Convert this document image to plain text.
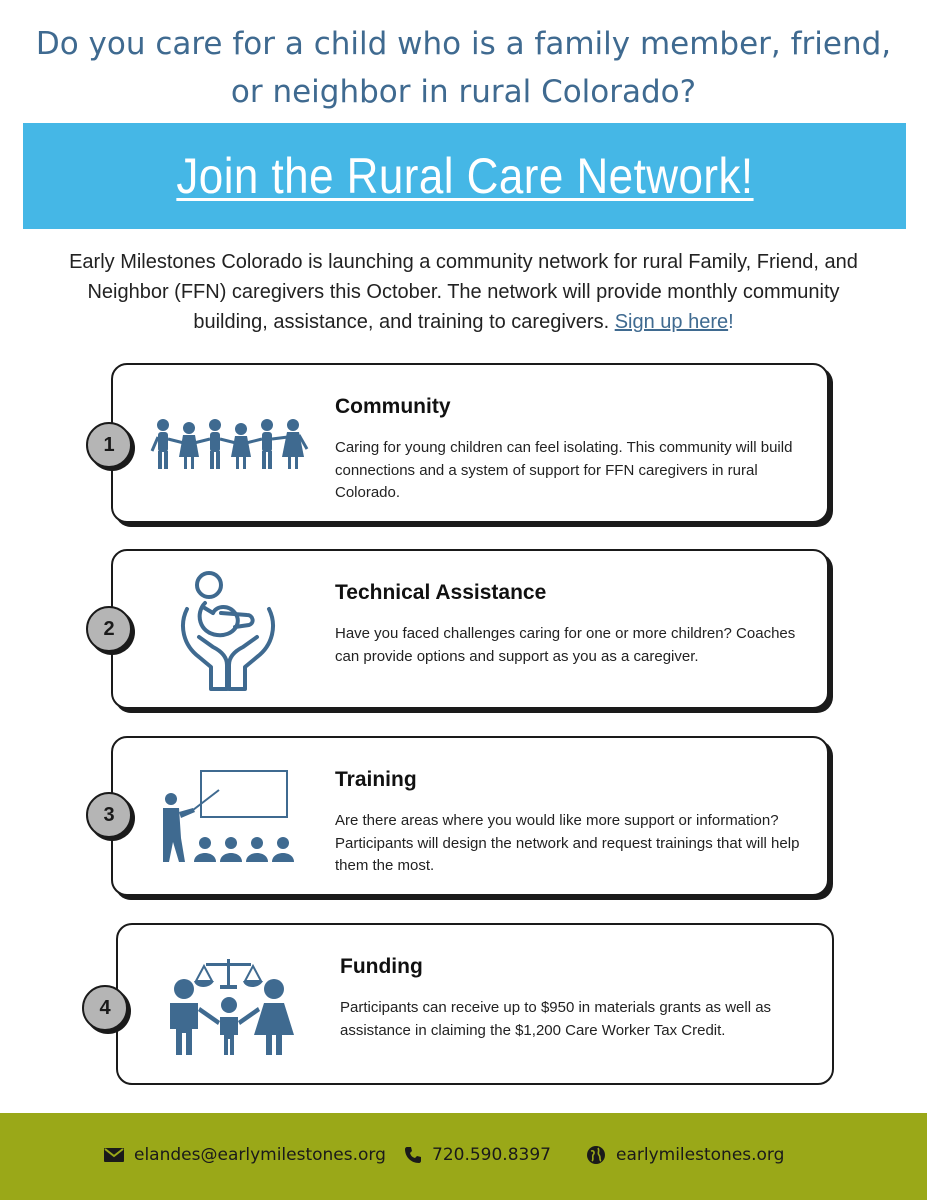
Do you care for a child who is a family member, friend,
or neighbor in rural Colorado?
Join the Rural Care Network!
Early Milestones Colorado is launching a community network for rural Family, Friend, and
Neighbor (FFN) caregivers this October. The network will provide monthly community
building, assistance, and training to caregivers. Sign up here!
Community
Caring for young children can feel isolating. This community will build connections and a system of support for FFN caregivers in rural Colorado.
1
Technical Assistance
Have you faced challenges caring for one or more children? Coaches can provide options and support as you as a caregiver.
2
Training
Are there areas where you would like more support or information? Participants will design the network and request trainings that will help them the most.
3
Funding
Participants can receive up to $950 in materials grants as well as assistance in claiming the $1,200 Care Worker Tax Credit.
4
elandes@earlymilestones.org	720.590.8397	earlymilestones.org
